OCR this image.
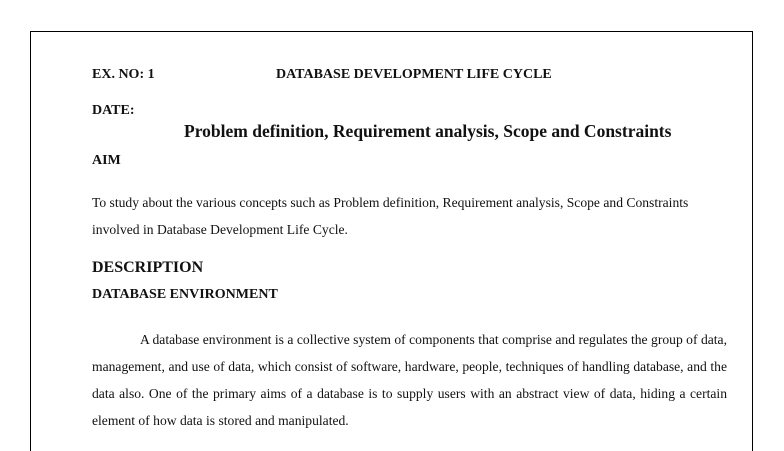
EX. NO: 1	DATABASE DEVELOPMENT LIFE CYCLE
DATE:
Problem definition, Requirement analysis, Scope and Constraints
AIM
To study about the various concepts such as Problem definition, Requirement analysis, Scope and Constraints involved in Database Development Life Cycle.
DESCRIPTION
DATABASE ENVIRONMENT
A database environment is a collective system of components that comprise and regulates the group of data, management, and use of data, which consist of software, hardware, people, techniques of handling database, and the data also. One of the primary aims of a database is to supply users with an abstract view of data, hiding a certain element of how data is stored and manipulated.
